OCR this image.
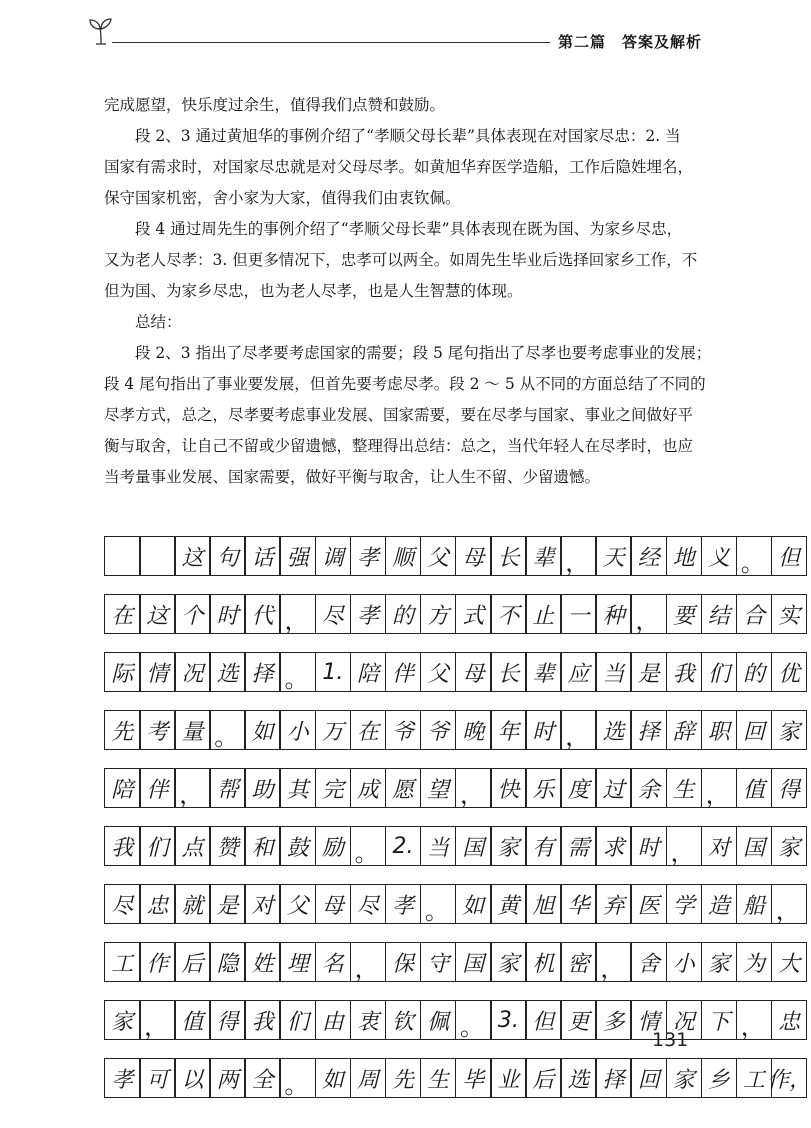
第二篇　答案及解析

完成愿望，快乐度过余生，值得我们点赞和鼓励。

段 2、3 通过黄旭华的事例介绍了“孝顺父母长辈”具体表现在对国家尽忠：2. 当

国家有需求时，对国家尽忠就是对父母尽孝。如黄旭华弃医学造船，工作后隐姓埋名，

保守国家机密，舍小家为大家，值得我们由衷钦佩。

段 4 通过周先生的事例介绍了“孝顺父母长辈”具体表现在既为国、为家乡尽忠，

又为老人尽孝：3. 但更多情况下，忠孝可以两全。如周先生毕业后选择回家乡工作，不

但为国、为家乡尽忠，也为老人尽孝，也是人生智慧的体现。

总结：

段 2、3 指出了尽孝要考虑国家的需要；段 5 尾句指出了尽孝也要考虑事业的发展；

段 4 尾句指出了事业要发展，但首先要考虑尽孝。段 2 ～ 5 从不同的方面总结了不同的

尽孝方式，总之，尽孝要考虑事业发展、国家需要，要在尽孝与国家、事业之间做好平

衡与取舍，让自己不留或少留遗憾，整理得出总结：总之，当代年轻人在尽孝时，也应

当考量事业发展、国家需要，做好平衡与取舍，让人生不留、少留遗憾。

这 句 话 强 调 孝 顺 父 母 长 辈 ， 天 经 地 义 。 但
在 这 个 时 代 ， 尽 孝 的 方 式 不 止 一 种 ， 要 结 合 实
际 情 况 选 择 。 1. 陪 伴 父 母 长 辈 应 当 是 我 们 的 优
先 考 量 。 如 小 万 在 爷 爷 晚 年 时 ， 选 择 辞 职 回 家
陪 伴 ， 帮 助 其 完 成 愿 望 ， 快 乐 度 过 余 生 ， 值 得
我 们 点 赞 和 鼓 励 。 2. 当 国 家 有 需 求 时 ， 对 国 家
尽 忠 就 是 对 父 母 尽 孝 。 如 黄 旭 华 弃 医 学 造 船 ，
工 作 后 隐 姓 埋 名 ， 保 守 国 家 机 密 ， 舍 小 家 为 大
家 ， 值 得 我 们 由 衷 钦 佩 。 3. 但 更 多 情 况 下 ， 忠
孝 可 以 两 全 。 如 周 先 生 毕 业 后 选 择 回 家 乡 工 作，
131
